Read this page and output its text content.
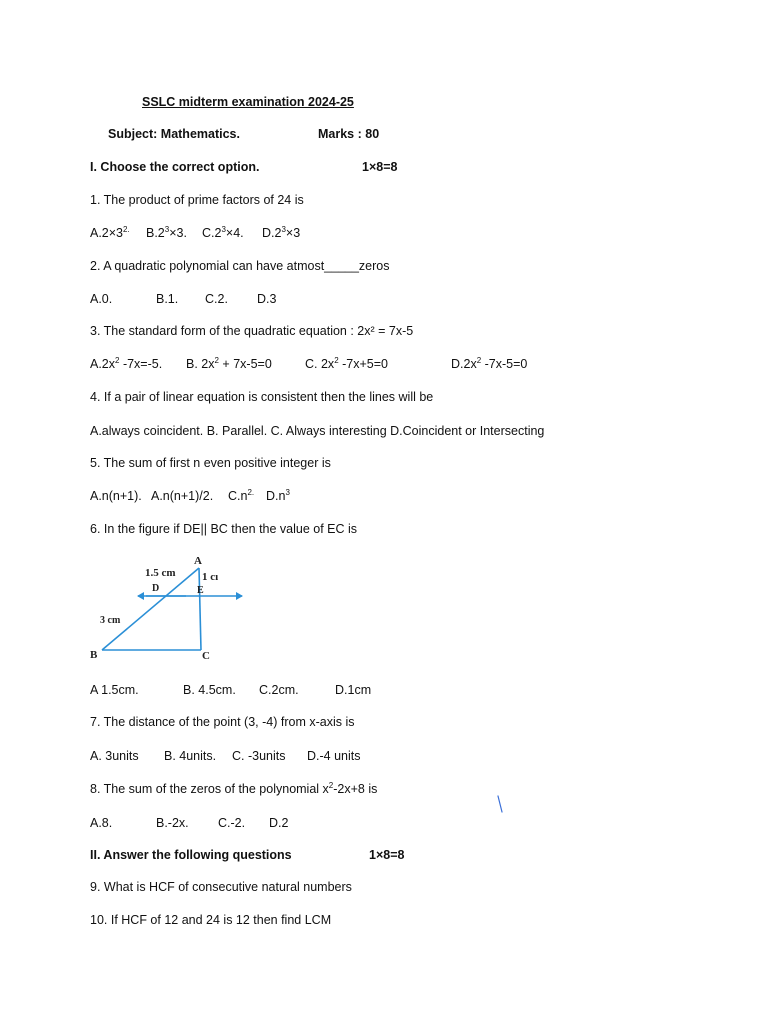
SSLC midterm examination 2024-25
Subject: Mathematics.	Marks : 80
I. Choose the correct option.	1×8=8
1. The product of prime factors of 24 is
$A.2\times 3^{2.}$ $B.2^3\times 3$. $C.2^3\times 4$. $D.2^3\times 3$
2. A quadratic polynomial can have atmost_____zeros
A.0.	B.1. C.2. D.3
3. The standard form of the quadratic equation : 2x² = 7x-5
$A.2x^2$ -7x=-5. B. $2x^2 + 7x-5=0$	C. $2x^2$ -7x+5=0	$D.2x^2$ -7x-5=0
4. If a pair of linear equation is consistent then the lines will be
A.always coincident. B. Parallel. C. Always interesting D.Coincident or Intersecting
5. The sum of first n even positive integer is
A.n(n+1). A.n(n+1)/2. $C.n^{2.}$ $D.n^3$
6. In the figure if DE|| BC then the value of EC is
A
D	E
B	C
1.5 cm 1 cı
3 cm
A 1.5cm.	B. 4.5cm. C.2cm.	D.1cm
7. The distance of the point (3, -4) from x-axis is
A. 3units B. 4units. C. -3units D.-4 units
8. The sum of the zeros of the polynomial $x^2-2x+8$ is
A.8.	B.-2x. C.-2. D.2
II. Answer the following questions	1×8=8
9. What is HCF of consecutive natural numbers
10. If HCF of 12 and 24 is 12 then find LCM
